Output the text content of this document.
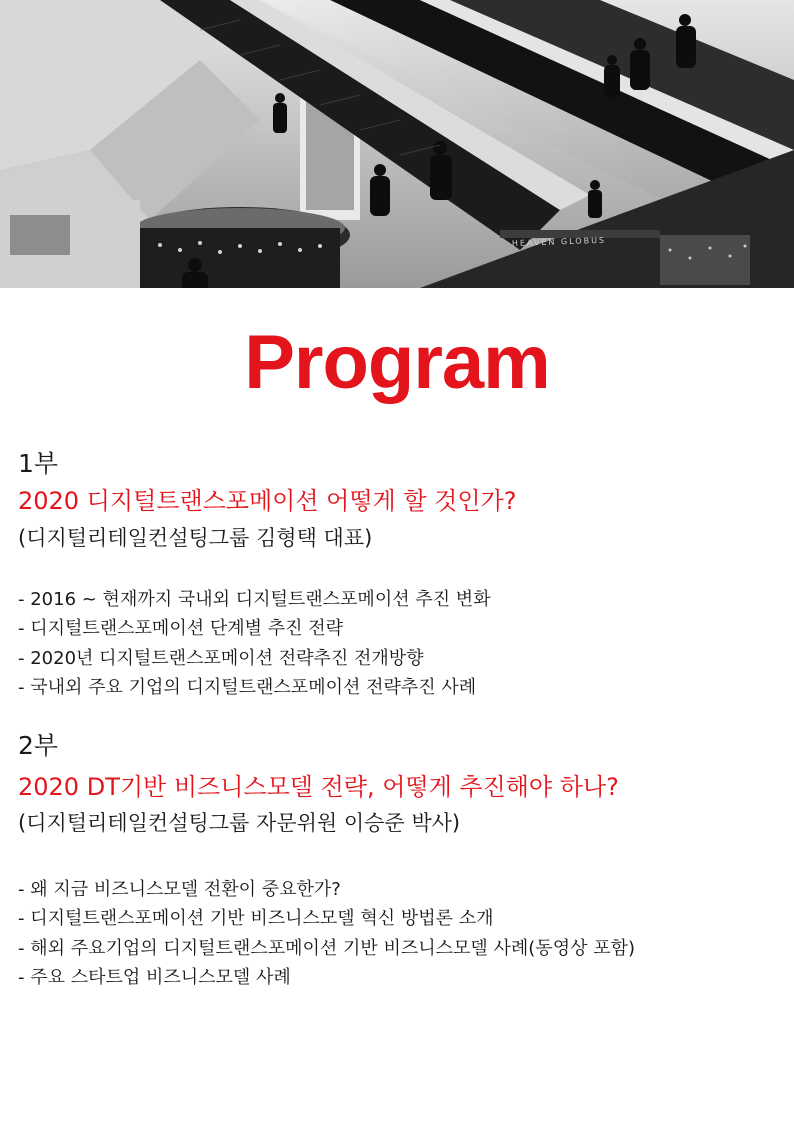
HEAVEN GLOBUS
Program
1부
2020 디지털트랜스포메이션 어떻게 할 것인가?
(디지털리테일컨설팅그룹 김형택 대표)
- 2016 ~ 현재까지 국내외 디지털트랜스포메이션 추진 변화
- 디지털트랜스포메이션 단계별 추진 전략
- 2020년 디지털트랜스포메이션 전략추진 전개방향
- 국내외 주요 기업의 디지털트랜스포메이션 전략추진 사례
2부
2020 DT기반 비즈니스모델 전략, 어떻게 추진해야 하나?
(디지털리테일컨설팅그룹 자문위원 이승준 박사)
- 왜 지금 비즈니스모델 전환이 중요한가?
- 디지털트랜스포메이션 기반 비즈니스모델 혁신 방법론 소개
- 해외 주요기업의 디지털트랜스포메이션 기반 비즈니스모델 사례(동영상 포함)
- 주요 스타트업 비즈니스모델 사례
